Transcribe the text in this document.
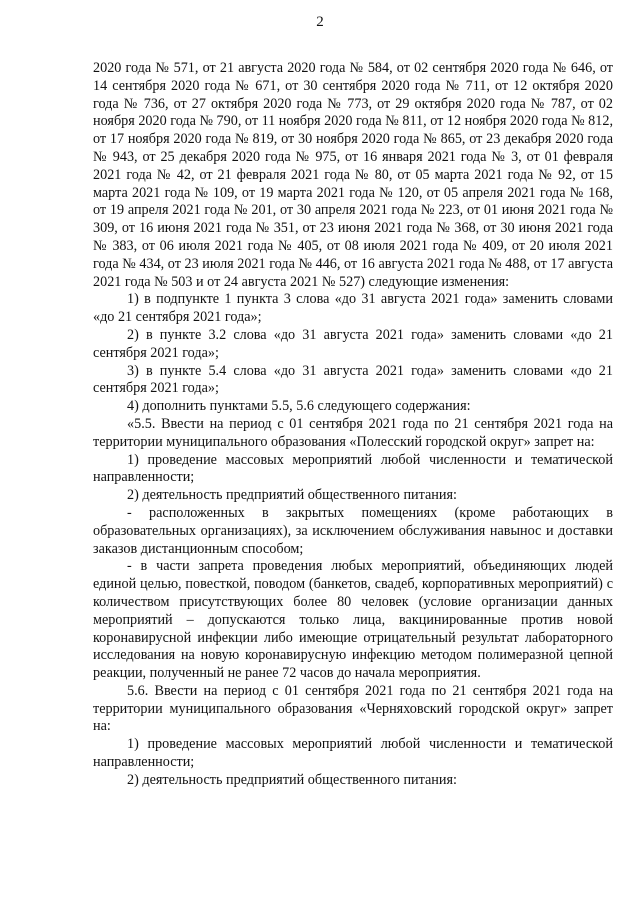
2

2020 года № 571, от 21 августа 2020 года № 584, от 02 сентября 2020 года № 646, от 14 сентября 2020 года № 671, от 30 сентября 2020 года № 711, от 12 октября 2020 года № 736, от 27 октября 2020 года № 773, от 29 октября 2020 года № 787, от 02 ноября 2020 года № 790, от 11 ноября 2020 года № 811, от 12 ноября 2020 года № 812, от 17 ноября 2020 года № 819, от 30 ноября 2020 года № 865, от 23 декабря 2020 года № 943, от 25 декабря 2020 года № 975, от 16 января 2021 года № 3, от 01 февраля 2021 года № 42, от 21 февраля 2021 года № 80, от 05 марта 2021 года № 92, от 15 марта 2021 года № 109, от 19 марта 2021 года № 120, от 05 апреля 2021 года № 168, от 19 апреля 2021 года № 201, от 30 апреля 2021 года № 223, от 01 июня 2021 года № 309, от 16 июня 2021 года № 351, от 23 июня 2021 года № 368, от 30 июня 2021 года № 383, от 06 июля 2021 года № 405, от 08 июля 2021 года № 409, от 20 июля 2021 года № 434, от 23 июля 2021 года № 446, от 16 августа 2021 года № 488, от 17 августа 2021 года № 503 и от 24 августа 2021 № 527) следующие изменения:

1) в подпункте 1 пункта 3 слова «до 31 августа 2021 года» заменить словами «до 21 сентября 2021 года»;

2) в пункте 3.2 слова «до 31 августа 2021 года» заменить словами «до 21 сентября 2021 года»;

3) в пункте 5.4 слова «до 31 августа 2021 года» заменить словами «до 21 сентября 2021 года»;

4) дополнить пунктами 5.5, 5.6 следующего содержания:

«5.5. Ввести на период с 01 сентября 2021 года по 21 сентября 2021 года на территории муниципального образования «Полесский городской округ» запрет на:

1) проведение массовых мероприятий любой численности и тематической направленности;

2) деятельность предприятий общественного питания:

- расположенных в закрытых помещениях (кроме работающих в образовательных организациях), за исключением обслуживания навынос и доставки заказов дистанционным способом;

- в части запрета проведения любых мероприятий, объединяющих людей единой целью, повесткой, поводом (банкетов, свадеб, корпоративных мероприятий) с количеством присутствующих более 80 человек (условие организации данных мероприятий – допускаются только лица, вакцинированные против новой коронавирусной инфекции либо имеющие отрицательный результат лабораторного исследования на новую коронавирусную инфекцию методом полимеразной цепной реакции, полученный не ранее 72 часов до начала мероприятия.

5.6. Ввести на период с 01 сентября 2021 года по 21 сентября 2021 года на территории муниципального образования «Черняховский городской округ» запрет на:

1) проведение массовых мероприятий любой численности и тематической направленности;

2) деятельность предприятий общественного питания:
